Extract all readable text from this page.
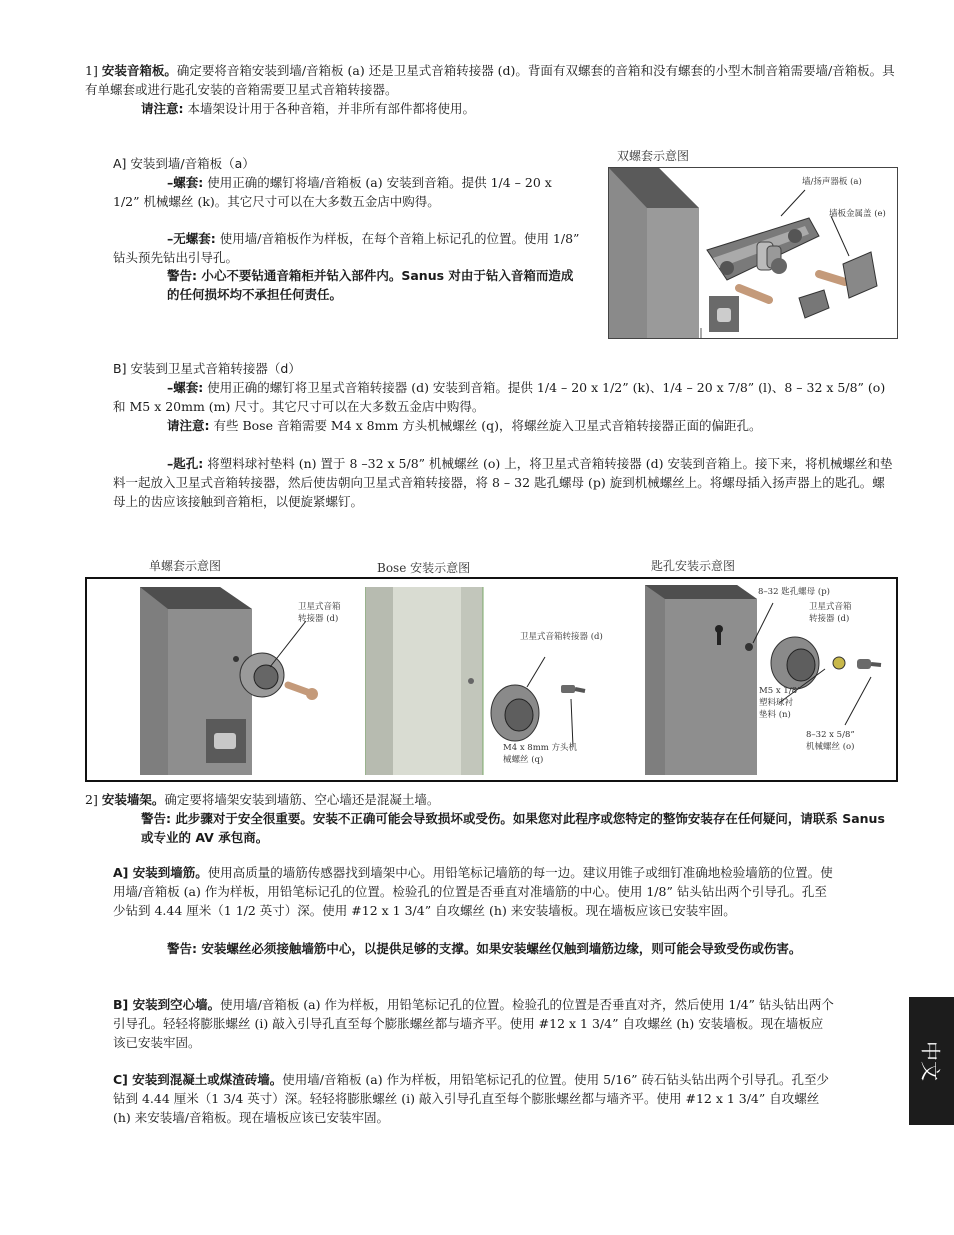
1] 安装音箱板。确定要将音箱安装到墙/音箱板 (a) 还是卫星式音箱转接器 (d)。背面有双螺套的音箱和没有螺套的小型木制音箱需要墙/音箱板。具有单螺套或进行匙孔安装的音箱需要卫星式音箱转接器。
请注意: 本墙架设计用于各种音箱，并非所有部件都将使用。
A] 安装到墙/音箱板（a）
–螺套: 使用正确的螺钉将墙/音箱板 (a) 安装到音箱。提供 1/4 – 20 x 1/2” 机械螺丝 (k)。其它尺寸可以在大多数五金店中购得。
–无螺套: 使用墙/音箱板作为样板，在每个音箱上标记孔的位置。使用 1/8” 钻头预先钻出引导孔。
警告: 小心不要钻通音箱柜并钻入部件内。Sanus 对由于钻入音箱而造成的任何损坏均不承担任何责任。
双螺套示意图
墙/扬声器板 (a)
墙板金属盖 (e)
B] 安装到卫星式音箱转接器（d）
–螺套: 使用正确的螺钉将卫星式音箱转接器 (d) 安装到音箱。提供 1/4 – 20 x 1/2” (k)、1/4 – 20 x 7/8” (l)、8 – 32 x 5/8” (o) 和 M5 x 20mm (m) 尺寸。其它尺寸可以在大多数五金店中购得。
请注意: 有些 Bose 音箱需要 M4 x 8mm 方头机械螺丝 (q)，将螺丝旋入卫星式音箱转接器正面的偏距孔。
–匙孔: 将塑料球衬垫料 (n) 置于 8 –32 x 5/8” 机械螺丝 (o) 上，将卫星式音箱转接器 (d) 安装到音箱上。接下来，将机械螺丝和垫料一起放入卫星式音箱转接器，然后使齿朝向卫星式音箱转接器，将 8 – 32 匙孔螺母 (p) 旋到机械螺丝上。将螺母插入扬声器上的匙孔。螺母上的齿应该接触到音箱柜，以便旋紧螺钉。
单螺套示意图	Bose 安装示意图	匙孔安装示意图
卫星式音箱
转接器 (d)
卫星式音箱转接器 (d)
M4 x 8mm 方头机
械螺丝 (q)
8–32 匙孔螺母 (p)
卫星式音箱
转接器 (d)
M5 x 1/8”
塑料球衬
垫料 (n)
8–32 x 5/8”
机械螺丝 (o)
2] 安装墙架。确定要将墙架安装到墙筋、空心墙还是混凝土墙。
警告: 此步骤对于安全很重要。安装不正确可能会导致损坏或受伤。如果您对此程序或您特定的整饰安装存在任何疑问，请联系 Sanus 或专业的 AV 承包商。
A] 安装到墙筋。使用高质量的墙筋传感器找到墙架中心。用铅笔标记墙筋的每一边。建议用锥子或细钉准确地检验墙筋的位置。使用墙/音箱板 (a) 作为样板，用铅笔标记孔的位置。检验孔的位置是否垂直对准墙筋的中心。使用 1/8” 钻头钻出两个引导孔。孔至少钻到 4.44 厘米（1 1/2 英寸）深。使用 #12 x 1 3/4” 自攻螺丝 (h) 来安装墙板。现在墙板应该已安装牢固。
警告: 安装螺丝必须接触墙筋中心，以提供足够的支撑。如果安装螺丝仅触到墙筋边缘，则可能会导致受伤或伤害。
B] 安装到空心墙。使用墙/音箱板 (a) 作为样板，用铅笔标记孔的位置。检验孔的位置是否垂直对齐，然后使用 1/4” 钻头钻出两个引导孔。轻轻将膨胀螺丝 (i) 敲入引导孔直至每个膨胀螺丝都与墙齐平。使用 #12 x 1 3/4” 自攻螺丝 (h) 安装墙板。现在墙板应该已安装牢固。
C] 安装到混凝土或煤渣砖墙。使用墙/音箱板 (a) 作为样板，用铅笔标记孔的位置。使用 5/16” 砖石钻头钻出两个引导孔。孔至少钻到 4.44 厘米（1 3/4 英寸）深。轻轻将膨胀螺丝 (i) 敲入引导孔直至每个膨胀螺丝都与墙齐平。使用 #12 x 1 3/4” 自攻螺丝 (h) 来安装墙/音箱板。现在墙板应该已安装牢固。
中文
